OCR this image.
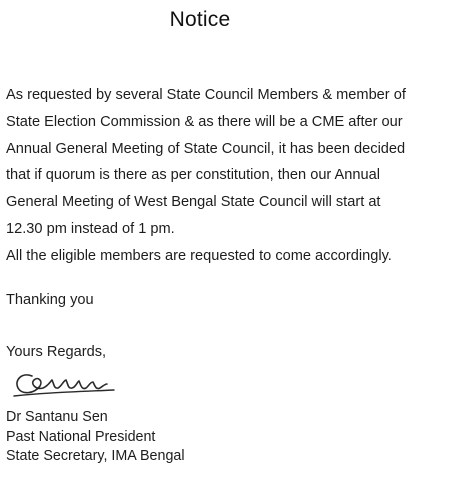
Notice
As requested by several State Council Members & member of
State Election Commission & as there will be a CME after our
Annual General Meeting of State Council, it has been decided
that if quorum is there as per constitution, then our Annual
General Meeting of West Bengal State Council will start at
12.30 pm instead of 1 pm.
All the eligible members are requested to come accordingly.
Thanking you
Yours Regards,
Dr Santanu Sen
Past National President
State Secretary, IMA Bengal
